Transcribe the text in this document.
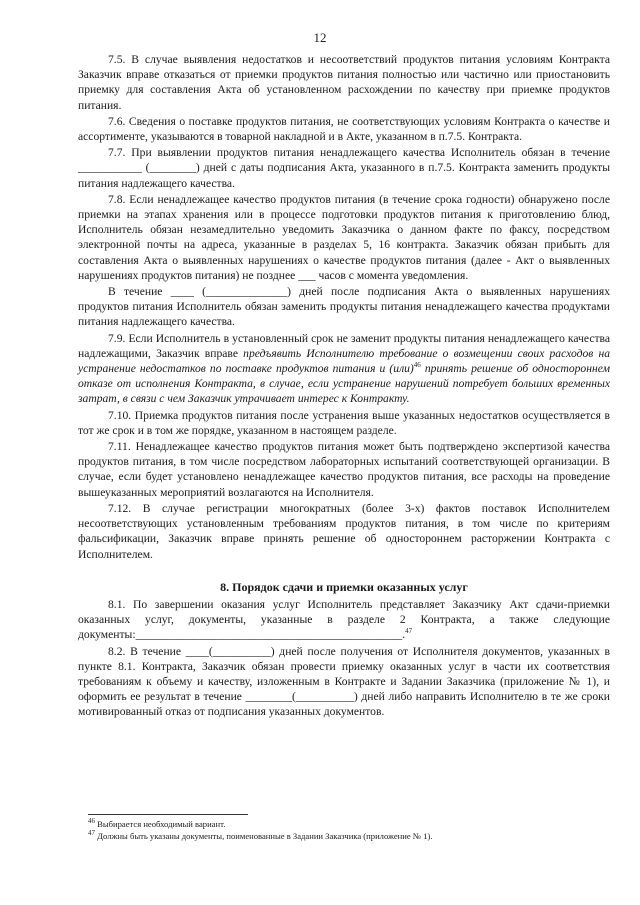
12

7.5. В случае выявления недостатков и несоответствий продуктов питания условиям Контракта Заказчик вправе отказаться от приемки продуктов питания полностью или частично или приостановить приемку для составления Акта об установленном расхождении по качеству при приемке продуктов питания.

7.6. Сведения о поставке продуктов питания, не соответствующих условиям Контракта о качестве и ассортименте, указываются в товарной накладной и в Акте, указанном в п.7.5. Контракта.

7.7. При выявлении продуктов питания ненадлежащего качества Исполнитель обязан в течение ___________ (________) дней с даты подписания Акта, указанного в п.7.5. Контракта заменить продукты питания надлежащего качества.

7.8. Если ненадлежащее качество продуктов питания (в течение срока годности) обнаружено после приемки на этапах хранения или в процессе подготовки продуктов питания к приготовлению блюд, Исполнитель обязан незамедлительно уведомить Заказчика о данном факте по факсу, посредством электронной почты на адреса, указанные в разделах 5, 16 контракта. Заказчик обязан прибыть для составления Акта о выявленных нарушениях о качестве продуктов питания (далее - Акт о выявленных нарушениях продуктов питания) не позднее ___ часов с момента уведомления.

В течение ____ (______________) дней после подписания Акта о выявленных нарушениях продуктов питания Исполнитель обязан заменить продукты питания ненадлежащего качества продуктами питания надлежащего качества.

7.9. Если Исполнитель в установленный срок не заменит продукты питания ненадлежащего качества надлежащими, Заказчик вправе предъявить Исполнителю требование о возмещении своих расходов на устранение недостатков по поставке продуктов питания и (или)$^{46}$ принять решение об одностороннем отказе от исполнения Контракта, в случае, если устранение нарушений потребует больших временных затрат, в связи с чем Заказчик утрачивает интерес к Контракту.

7.10. Приемка продуктов питания после устранения выше указанных недостатков осуществляется в тот же срок и в том же порядке, указанном в настоящем разделе.

7.11. Ненадлежащее качество продуктов питания может быть подтверждено экспертизой качества продуктов питания, в том числе посредством лабораторных испытаний соответствующей организации. В случае, если будет установлено ненадлежащее качество продуктов питания, все расходы на проведение вышеуказанных мероприятий возлагаются на Исполнителя.

7.12. В случае регистрации многократных (более 3-х) фактов поставок Исполнителем несоответствующих установленным требованиям продуктов питания, в том числе по критериям фальсификации, Заказчик вправе принять решение об одностороннем расторжении Контракта с Исполнителем.

8. Порядок сдачи и приемки оказанных услуг

8.1. По завершении оказания услуг Исполнитель представляет Заказчику Акт сдачи-приемки оказанных услуг, документы, указанные в разделе 2 Контракта, а также следующие документы:______________________________________________.$^{47}$

8.2. В течение ____(__________) дней после получения от Исполнителя документов, указанных в пункте 8.1. Контракта, Заказчик обязан провести приемку оказанных услуг в части их соответствия требованиям к объему и качеству, изложенным в Контракте и Задании Заказчика (приложение № 1), и оформить ее результат в течение ________(__________) дней либо направить Исполнителю в те же сроки мотивированный отказ от подписания указанных документов.

$^{46}$ Выбирается необходимый вариант.
$^{47}$ Должны быть указаны документы, поименованные в Задании Заказчика (приложение № 1).
